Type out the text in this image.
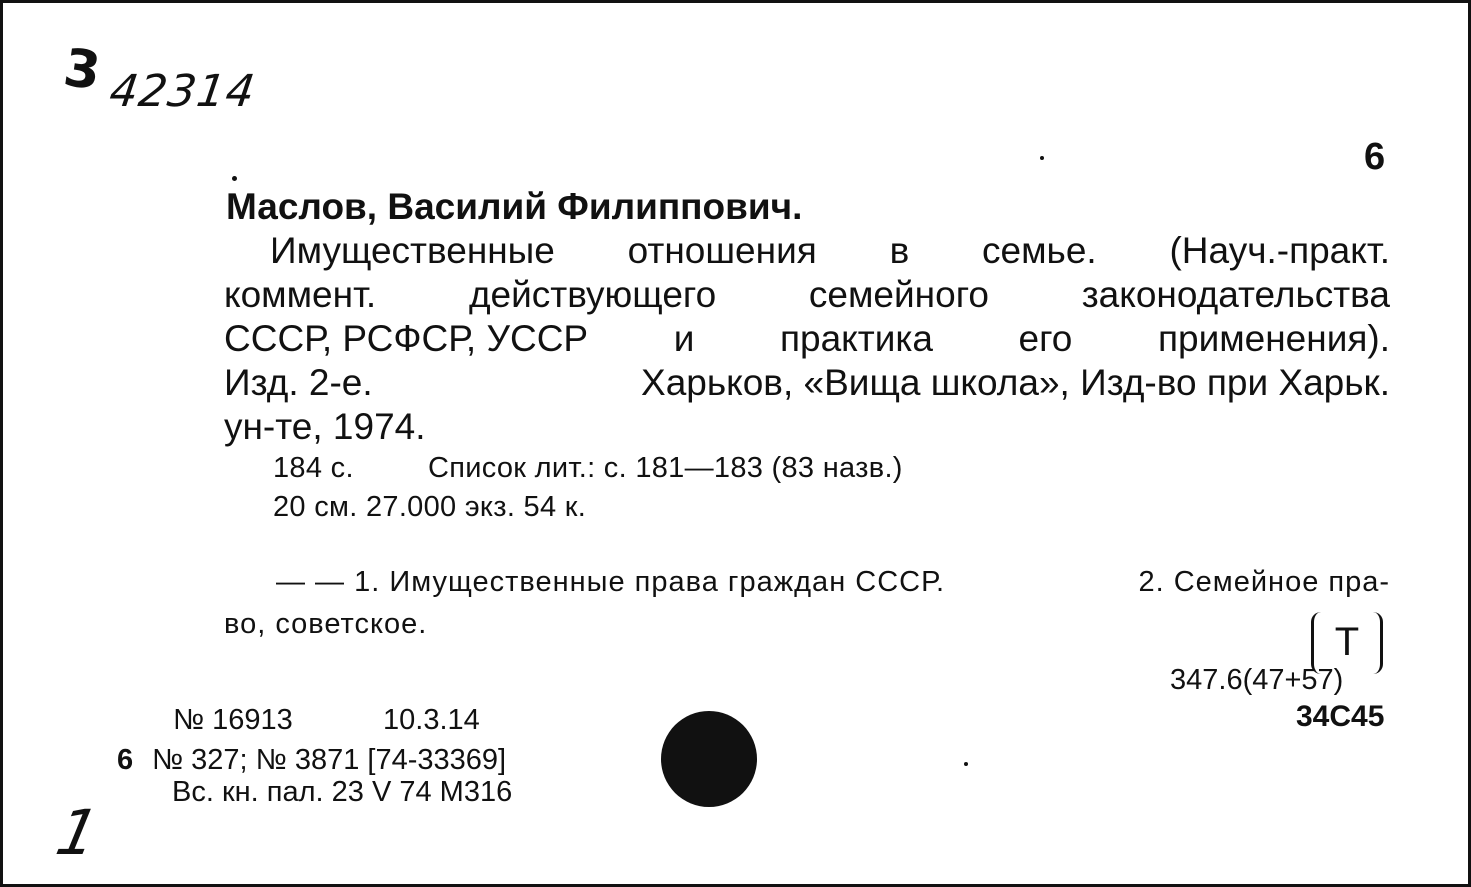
3 42314
6
Маслов, Василий Филиппович.
Имущественные отношения в семье. (Науч.-практ.
коммент.	действующего	семейного	законодательства
СССР, РСФСР, УССР и практика его применения).
Изд. 2-е.	Харьков, «Вища школа», Изд-во при Харьк.
ун-те, 1974.
184 с.	Список лит.: с. 181—183 (83 назв.)
20 см. 27.000 экз. 54 к.
— — 1. Имущественные права граждан СССР.	2. Семейное пра-
во, советское.	Т
347.6(47+57)
34С45
№ 16913	10.3.14
6 № 327; № 3871 [74-33369]
Вс. кн. пал. 23 V 74 М316
1
